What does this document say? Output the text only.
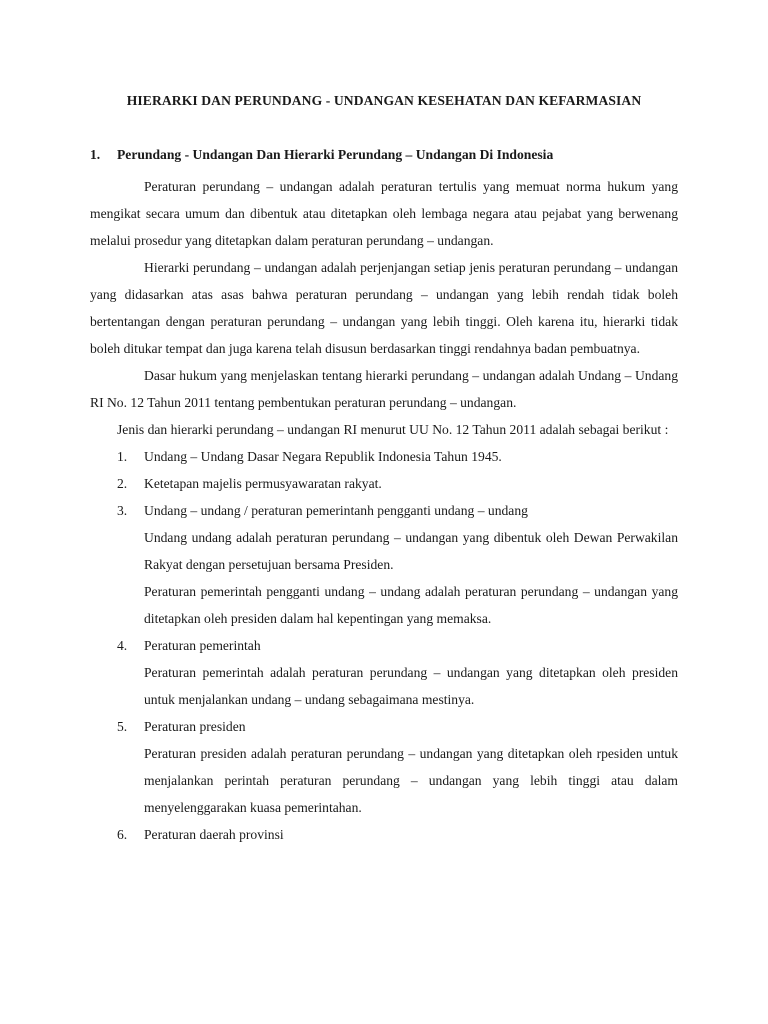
HIERARKI DAN PERUNDANG - UNDANGAN KESEHATAN DAN KEFARMASIAN
1. Perundang - Undangan Dan Hierarki Perundang – Undangan Di Indonesia

Peraturan perundang – undangan adalah peraturan tertulis yang memuat norma hukum yang mengikat secara umum dan dibentuk atau ditetapkan oleh lembaga negara atau pejabat yang berwenang melalui prosedur yang ditetapkan dalam peraturan perundang – undangan.

Hierarki perundang – undangan adalah perjenjangan setiap jenis peraturan perundang – undangan yang didasarkan atas asas bahwa peraturan perundang – undangan yang lebih rendah tidak boleh bertentangan dengan peraturan perundang – undangan yang lebih tinggi. Oleh karena itu, hierarki tidak boleh ditukar tempat dan juga karena telah disusun berdasarkan tinggi rendahnya badan pembuatnya.

Dasar hukum yang menjelaskan tentang hierarki perundang – undangan adalah Undang – Undang RI No. 12 Tahun 2011 tentang pembentukan peraturan perundang – undangan.

Jenis dan hierarki perundang – undangan RI menurut UU No. 12 Tahun 2011 adalah sebagai berikut :

1. Undang – Undang Dasar Negara Republik Indonesia Tahun 1945.
2. Ketetapan majelis permusyawaratan rakyat.
3. Undang – undang / peraturan pemerintanh pengganti undang – undang
Undang undang adalah peraturan perundang – undangan yang dibentuk oleh Dewan Perwakilan Rakyat dengan persetujuan bersama Presiden.
Peraturan pemerintah pengganti undang – undang adalah peraturan perundang – undangan yang ditetapkan oleh presiden dalam hal kepentingan yang memaksa.
4. Peraturan pemerintah
Peraturan pemerintah adalah peraturan perundang – undangan yang ditetapkan oleh presiden untuk menjalankan undang – undang sebagaimana mestinya.
5. Peraturan presiden
Peraturan presiden adalah peraturan perundang – undangan yang ditetapkan oleh rpesiden untuk menjalankan perintah peraturan perundang – undangan yang lebih tinggi atau dalam menyelenggarakan kuasa pemerintahan.
6. Peraturan daerah provinsi
